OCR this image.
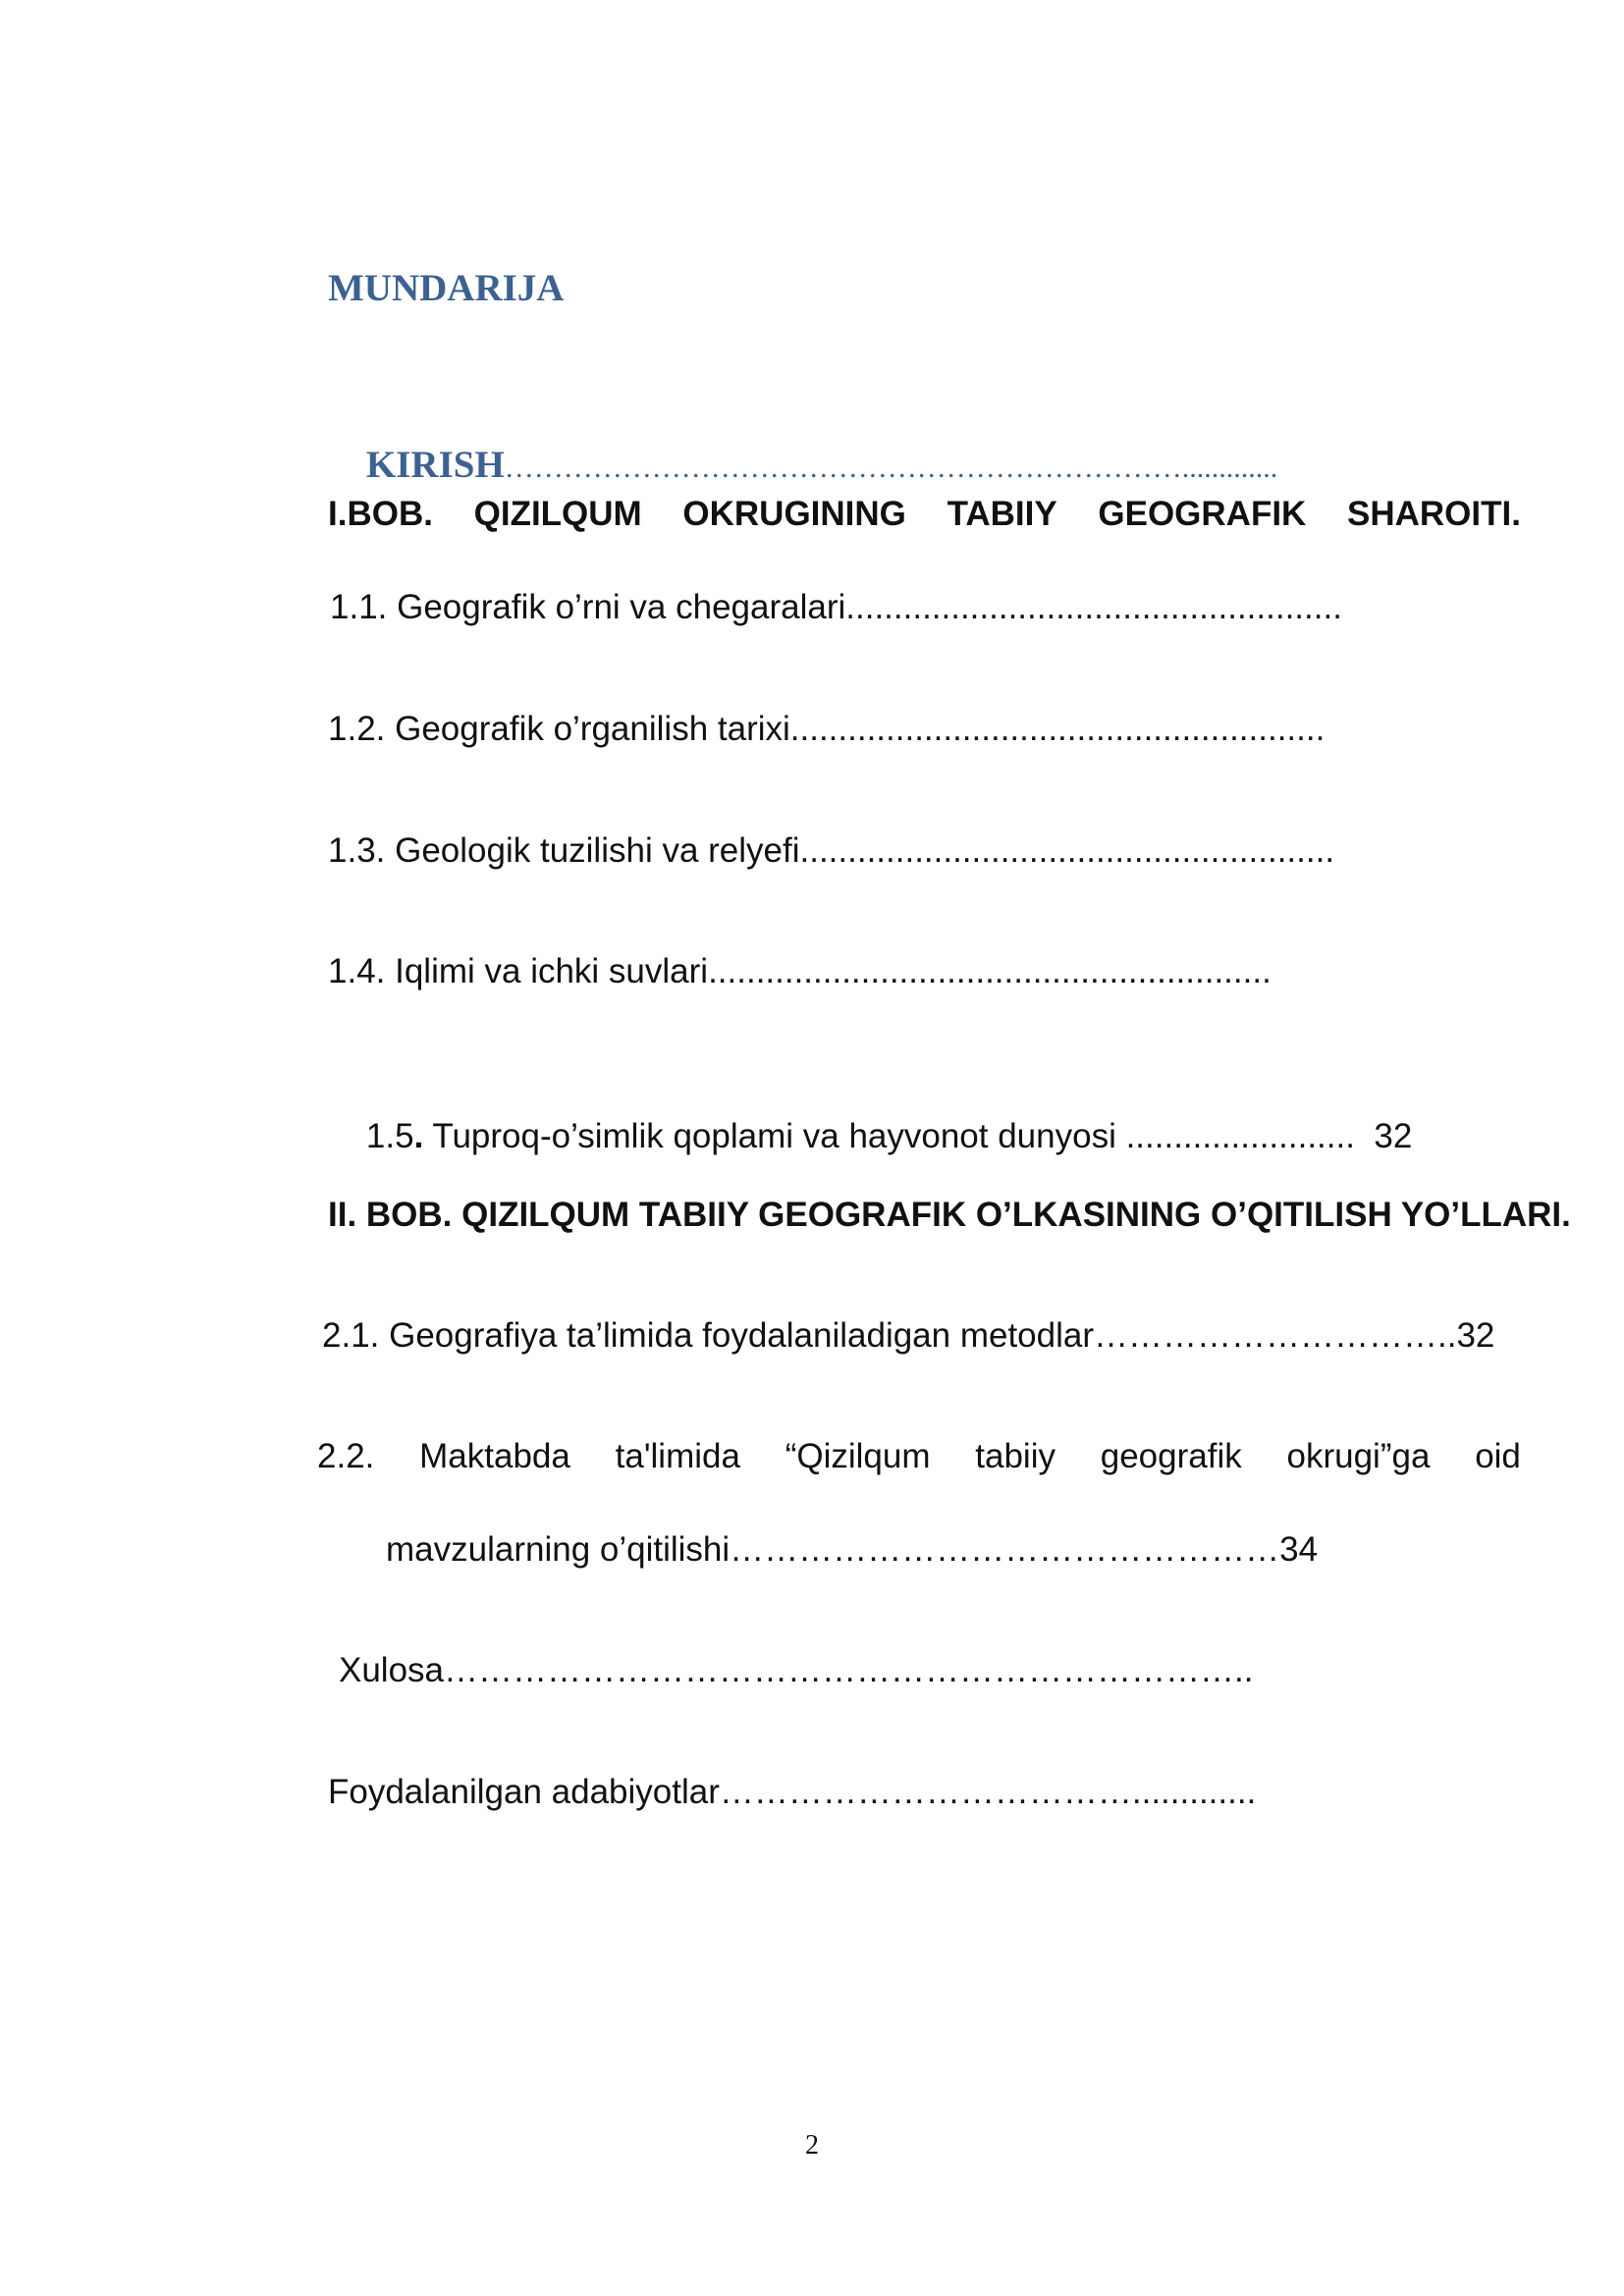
MUNDARIJA

KIRISH…………………………………………………………….............

I.BOB. QIZILQUM OKRUGINING TABIIY GEOGRAFIK SHAROITI.
1.1. Geografik o’rni va chegaralari....................................................
1.2. Geografik o’rganilish tarixi........................................................
1.3. Geologik tuzilishi va relyefi........................................................
1.4. Iqlimi va ichki suvlari...........................................................

1.5. Tuproq-o’simlik qoplami va hayvonot dunyosi ........................  32

II. BOB. QIZILQUM TABIIY GEOGRAFIK O’LKASINING O’QITILISH YO’LLARI.
2.1. Geografiya ta’limida foydalaniladigan metodlar…………………………..32
2.2. Maktabda ta'limida “Qizilqum tabiiy geografik okrugi”ga oid
mavzularning o’qitilishi…………………………………………34
Xulosa……………………………………………………………..
Foydalanilgan adabiyotlar……………………………….............
2
